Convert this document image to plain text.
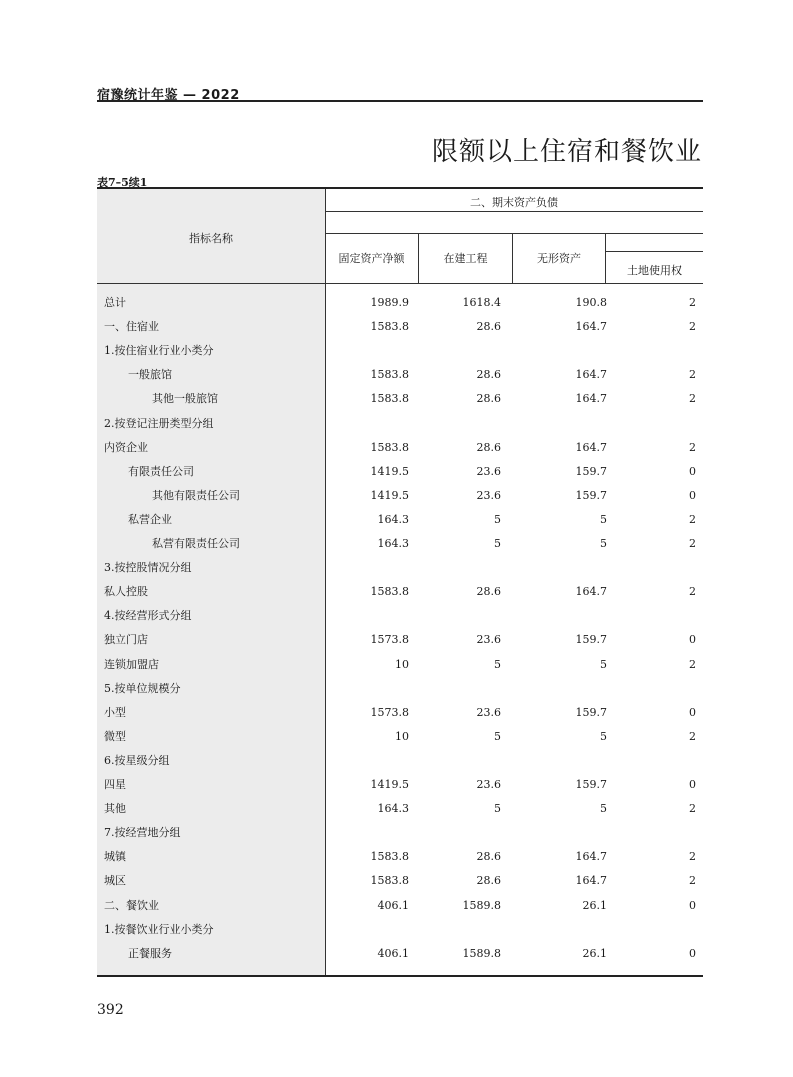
宿豫统计年鉴 — 2022
限额以上住宿和餐饮业
表7–5续1
指标名称
二、期末资产负债
固定资产净额	在建工程	无形资产
土地使用权
总计	1989.9	1618.4	190.8	2
一、住宿业	1583.8	28.6	164.7	2
1.按住宿业行业小类分
一般旅馆	1583.8	28.6	164.7	2
其他一般旅馆	1583.8	28.6	164.7	2
2.按登记注册类型分组
内资企业	1583.8	28.6	164.7	2
有限责任公司	1419.5	23.6	159.7	0
其他有限责任公司	1419.5	23.6	159.7	0
私营企业	164.3	5	5	2
私营有限责任公司	164.3	5	5	2
3.按控股情况分组
私人控股	1583.8	28.6	164.7	2
4.按经营形式分组
独立门店	1573.8	23.6	159.7	0
连锁加盟店	10	5	5	2
5.按单位规模分
小型	1573.8	23.6	159.7	0
微型	10	5	5	2
6.按星级分组
四星	1419.5	23.6	159.7	0
其他	164.3	5	5	2
7.按经营地分组
城镇	1583.8	28.6	164.7	2
城区	1583.8	28.6	164.7	2
二、餐饮业	406.1	1589.8	26.1	0
1.按餐饮业行业小类分
正餐服务	406.1	1589.8	26.1	0
392
